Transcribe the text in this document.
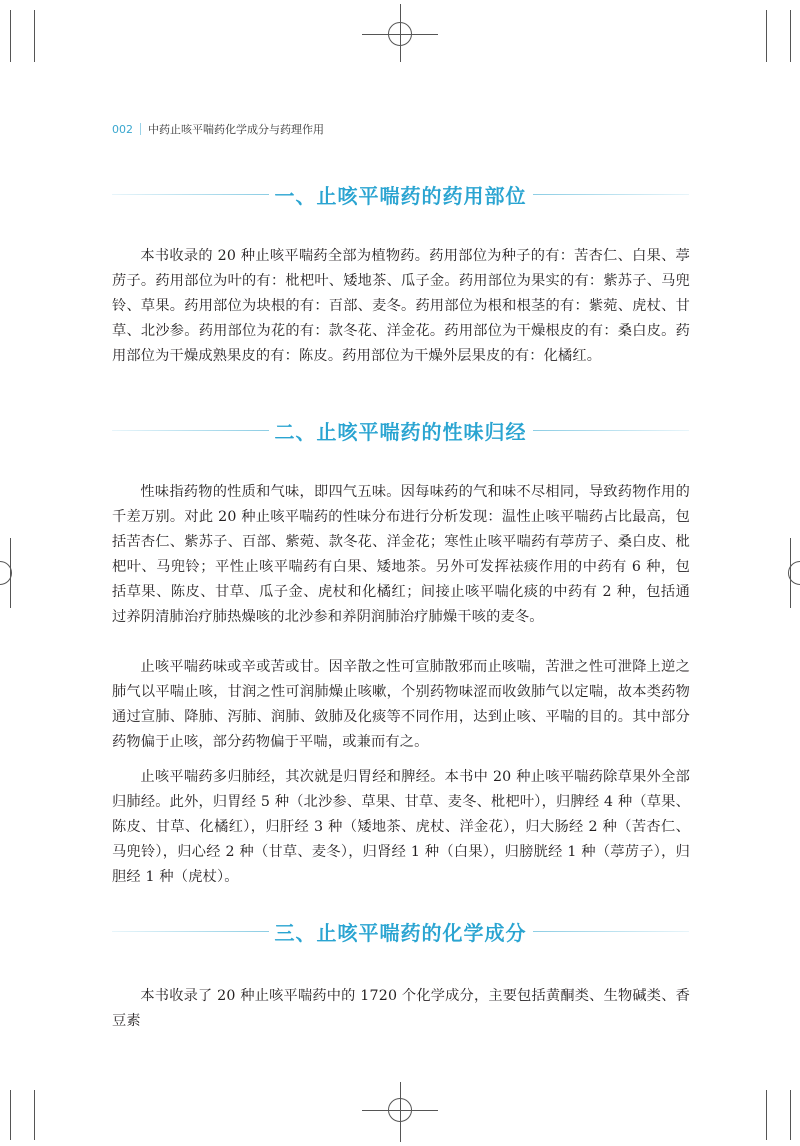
002 中药止咳平喘药化学成分与药理作用
一、止咳平喘药的药用部位

本书收录的 20 种止咳平喘药全部为植物药。药用部位为种子的有：苦杏仁、白果、葶苈子。药用部位为叶的有：枇杷叶、矮地茶、瓜子金。药用部位为果实的有：紫苏子、马兜铃、草果。药用部位为块根的有：百部、麦冬。药用部位为根和根茎的有：紫菀、虎杖、甘草、北沙参。药用部位为花的有：款冬花、洋金花。药用部位为干燥根皮的有：桑白皮。药用部位为干燥成熟果皮的有：陈皮。药用部位为干燥外层果皮的有：化橘红。

二、止咳平喘药的性味归经

性味指药物的性质和气味，即四气五味。因每味药的气和味不尽相同，导致药物作用的千差万别。对此 20 种止咳平喘药的性味分布进行分析发现：温性止咳平喘药占比最高，包括苦杏仁、紫苏子、百部、紫菀、款冬花、洋金花；寒性止咳平喘药有葶苈子、桑白皮、枇杷叶、马兜铃；平性止咳平喘药有白果、矮地茶。另外可发挥祛痰作用的中药有 6 种，包括草果、陈皮、甘草、瓜子金、虎杖和化橘红；间接止咳平喘化痰的中药有 2 种，包括通过养阴清肺治疗肺热燥咳的北沙参和养阴润肺治疗肺燥干咳的麦冬。

止咳平喘药味或辛或苦或甘。因辛散之性可宣肺散邪而止咳喘，苦泄之性可泄降上逆之肺气以平喘止咳，甘润之性可润肺燥止咳嗽，个别药物味涩而收敛肺气以定喘，故本类药物通过宣肺、降肺、泻肺、润肺、敛肺及化痰等不同作用，达到止咳、平喘的目的。其中部分药物偏于止咳，部分药物偏于平喘，或兼而有之。

止咳平喘药多归肺经，其次就是归胃经和脾经。本书中 20 种止咳平喘药除草果外全部归肺经。此外，归胃经 5 种（北沙参、草果、甘草、麦冬、枇杷叶），归脾经 4 种（草果、陈皮、甘草、化橘红），归肝经 3 种（矮地茶、虎杖、洋金花），归大肠经 2 种（苦杏仁、马兜铃），归心经 2 种（甘草、麦冬），归肾经 1 种（白果），归膀胱经 1 种（葶苈子），归胆经 1 种（虎杖）。

三、止咳平喘药的化学成分

本书收录了 20 种止咳平喘药中的 1720 个化学成分，主要包括黄酮类、生物碱类、香豆素
